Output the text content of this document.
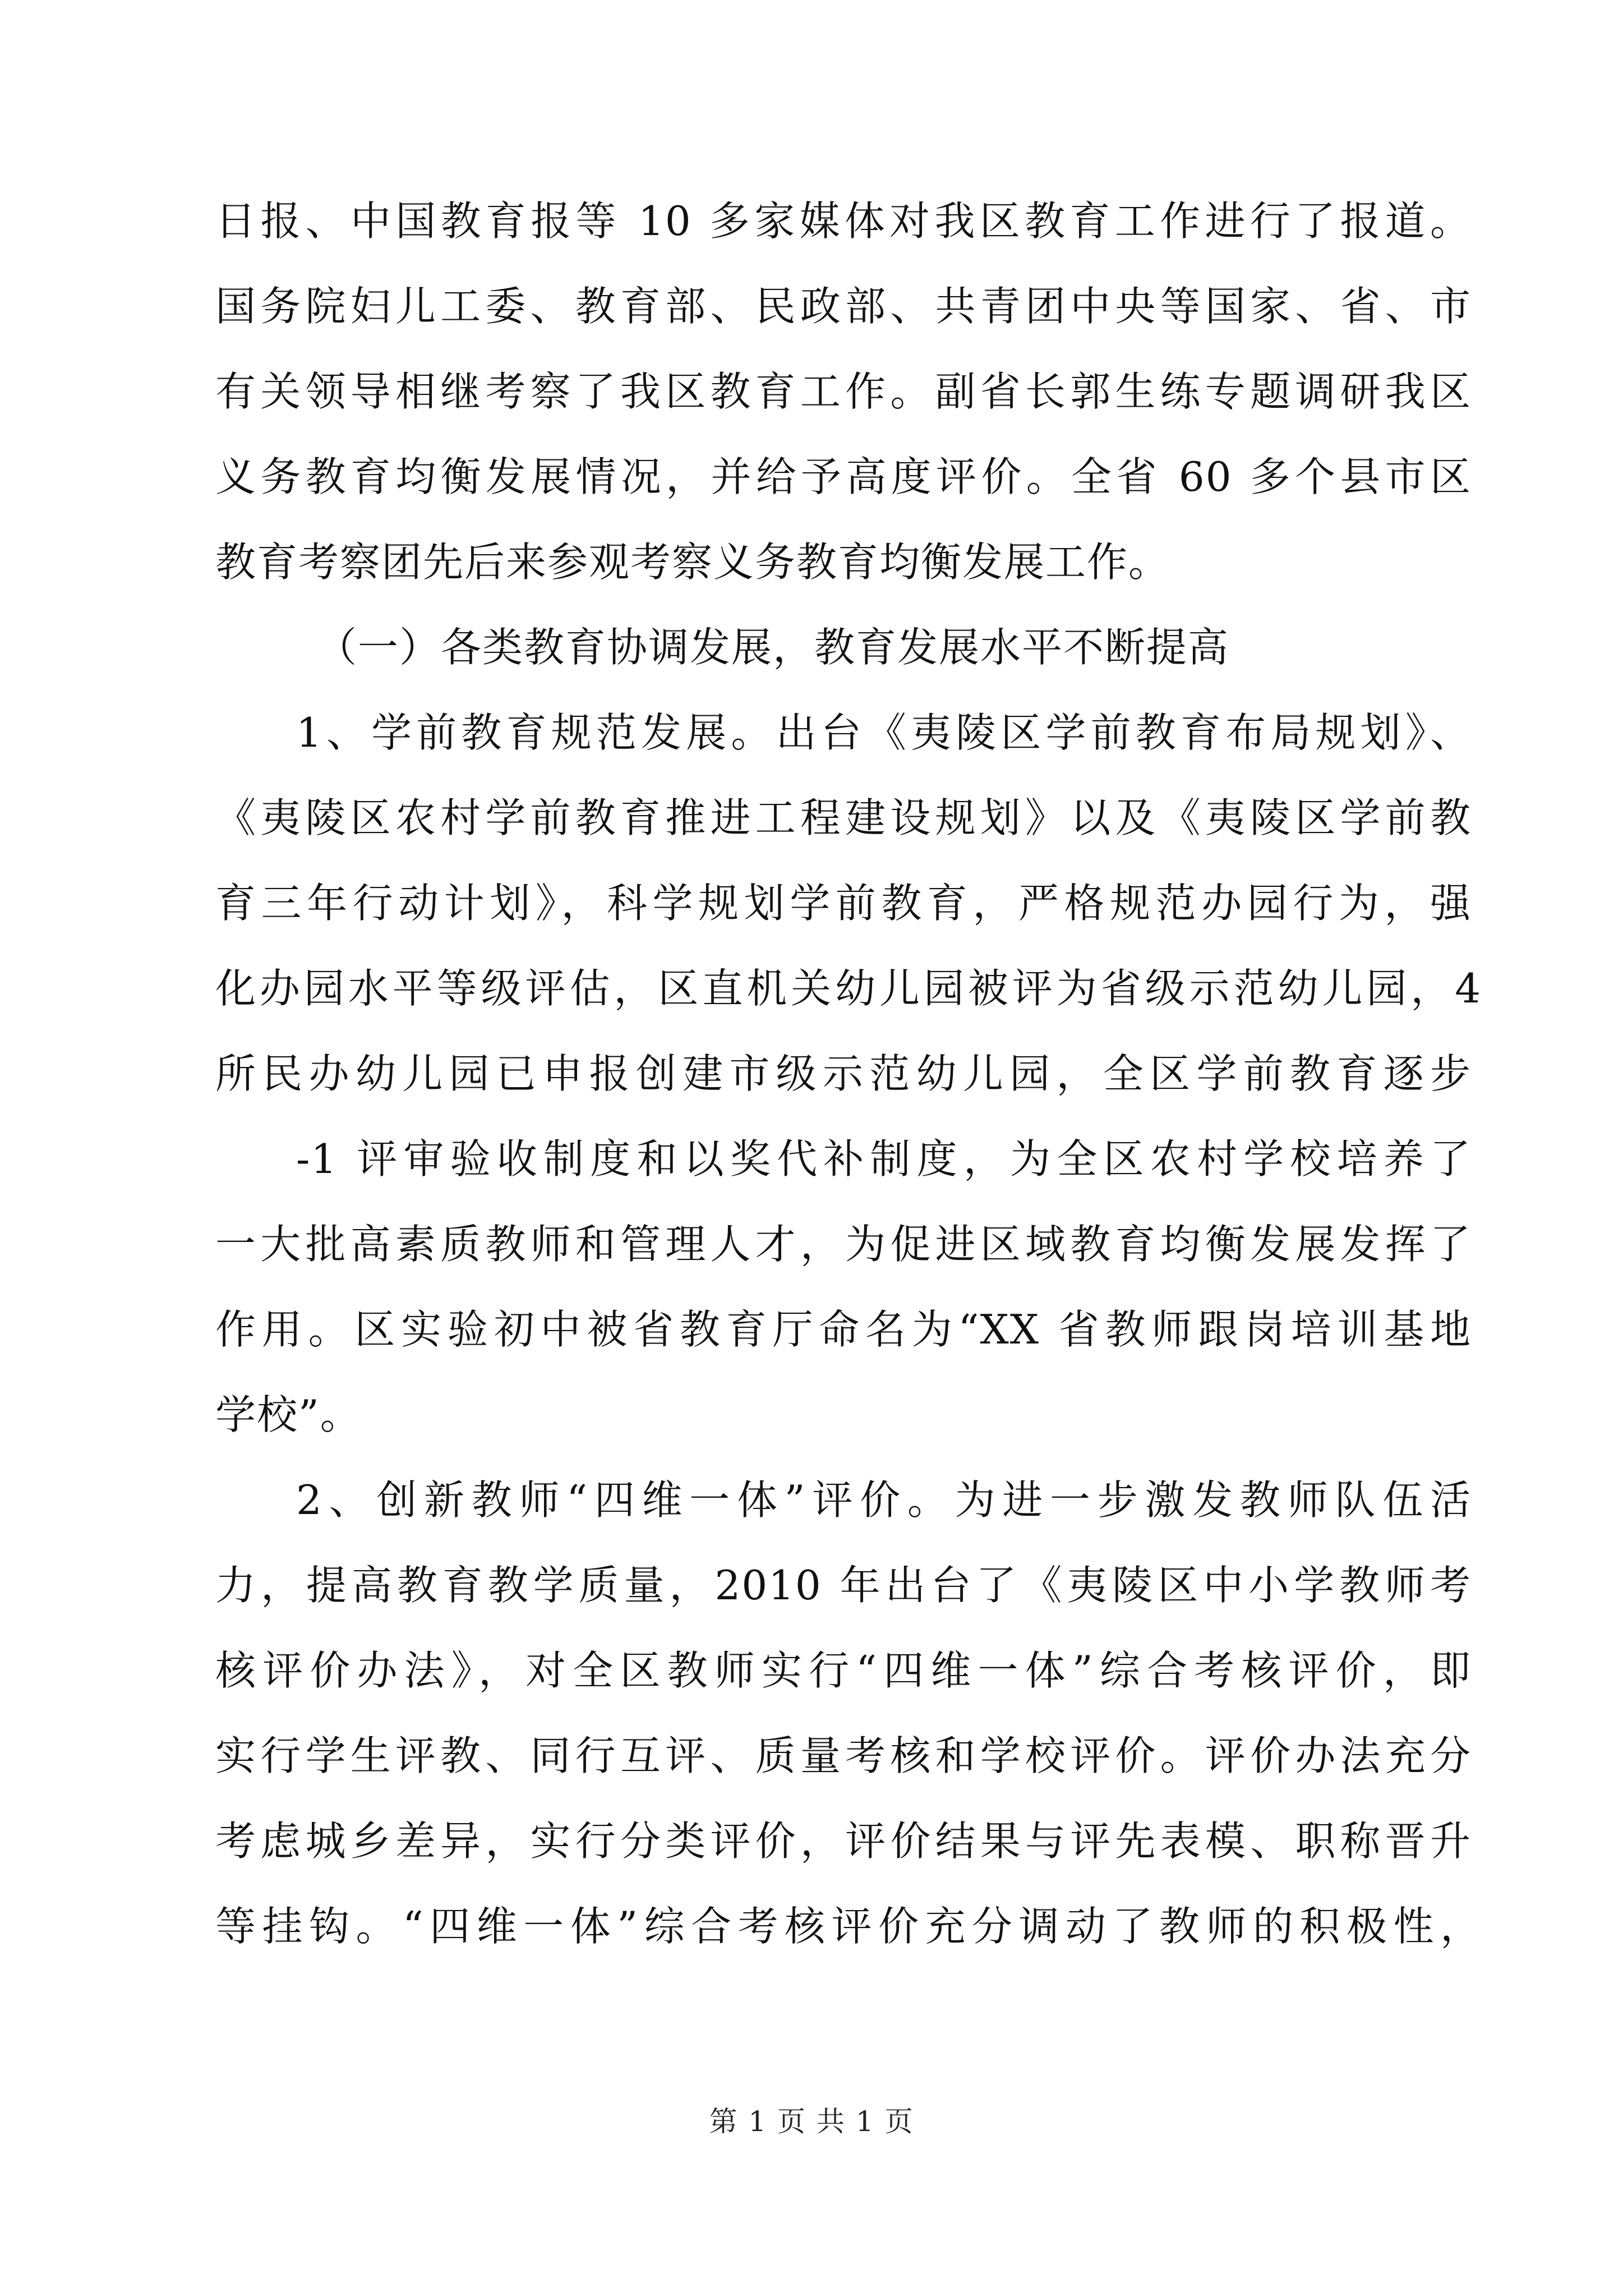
日报、中国教育报等 10 多家媒体对我区教育工作进行了报道。
国务院妇儿工委、教育部、民政部、共青团中央等国家、省、市
有关领导相继考察了我区教育工作。副省长郭生练专题调研我区
义务教育均衡发展情况，并给予高度评价。全省 60 多个县市区
教育考察团先后来参观考察义务教育均衡发展工作。
（一）各类教育协调发展，教育发展水平不断提高
1、学前教育规范发展。出台《夷陵区学前教育布局规划》、
《夷陵区农村学前教育推进工程建设规划》以及《夷陵区学前教
育三年行动计划》，科学规划学前教育，严格规范办园行为，强
化办园水平等级评估，区直机关幼儿园被评为省级示范幼儿园，4
所民办幼儿园已申报创建市级示范幼儿园，全区学前教育逐步
-1 评审验收制度和以奖代补制度，为全区农村学校培养了
一大批高素质教师和管理人才，为促进区域教育均衡发展发挥了
作用。区实验初中被省教育厅命名为“XX 省教师跟岗培训基地
学校”。
2、创新教师“四维一体”评价。为进一步激发教师队伍活
力，提高教育教学质量，2010 年出台了《夷陵区中小学教师考
核评价办法》，对全区教师实行“四维一体”综合考核评价，即
实行学生评教、同行互评、质量考核和学校评价。评价办法充分
考虑城乡差异，实行分类评价，评价结果与评先表模、职称晋升
等挂钩。“四维一体”综合考核评价充分调动了教师的积极性，
第 1 页 共 1 页
